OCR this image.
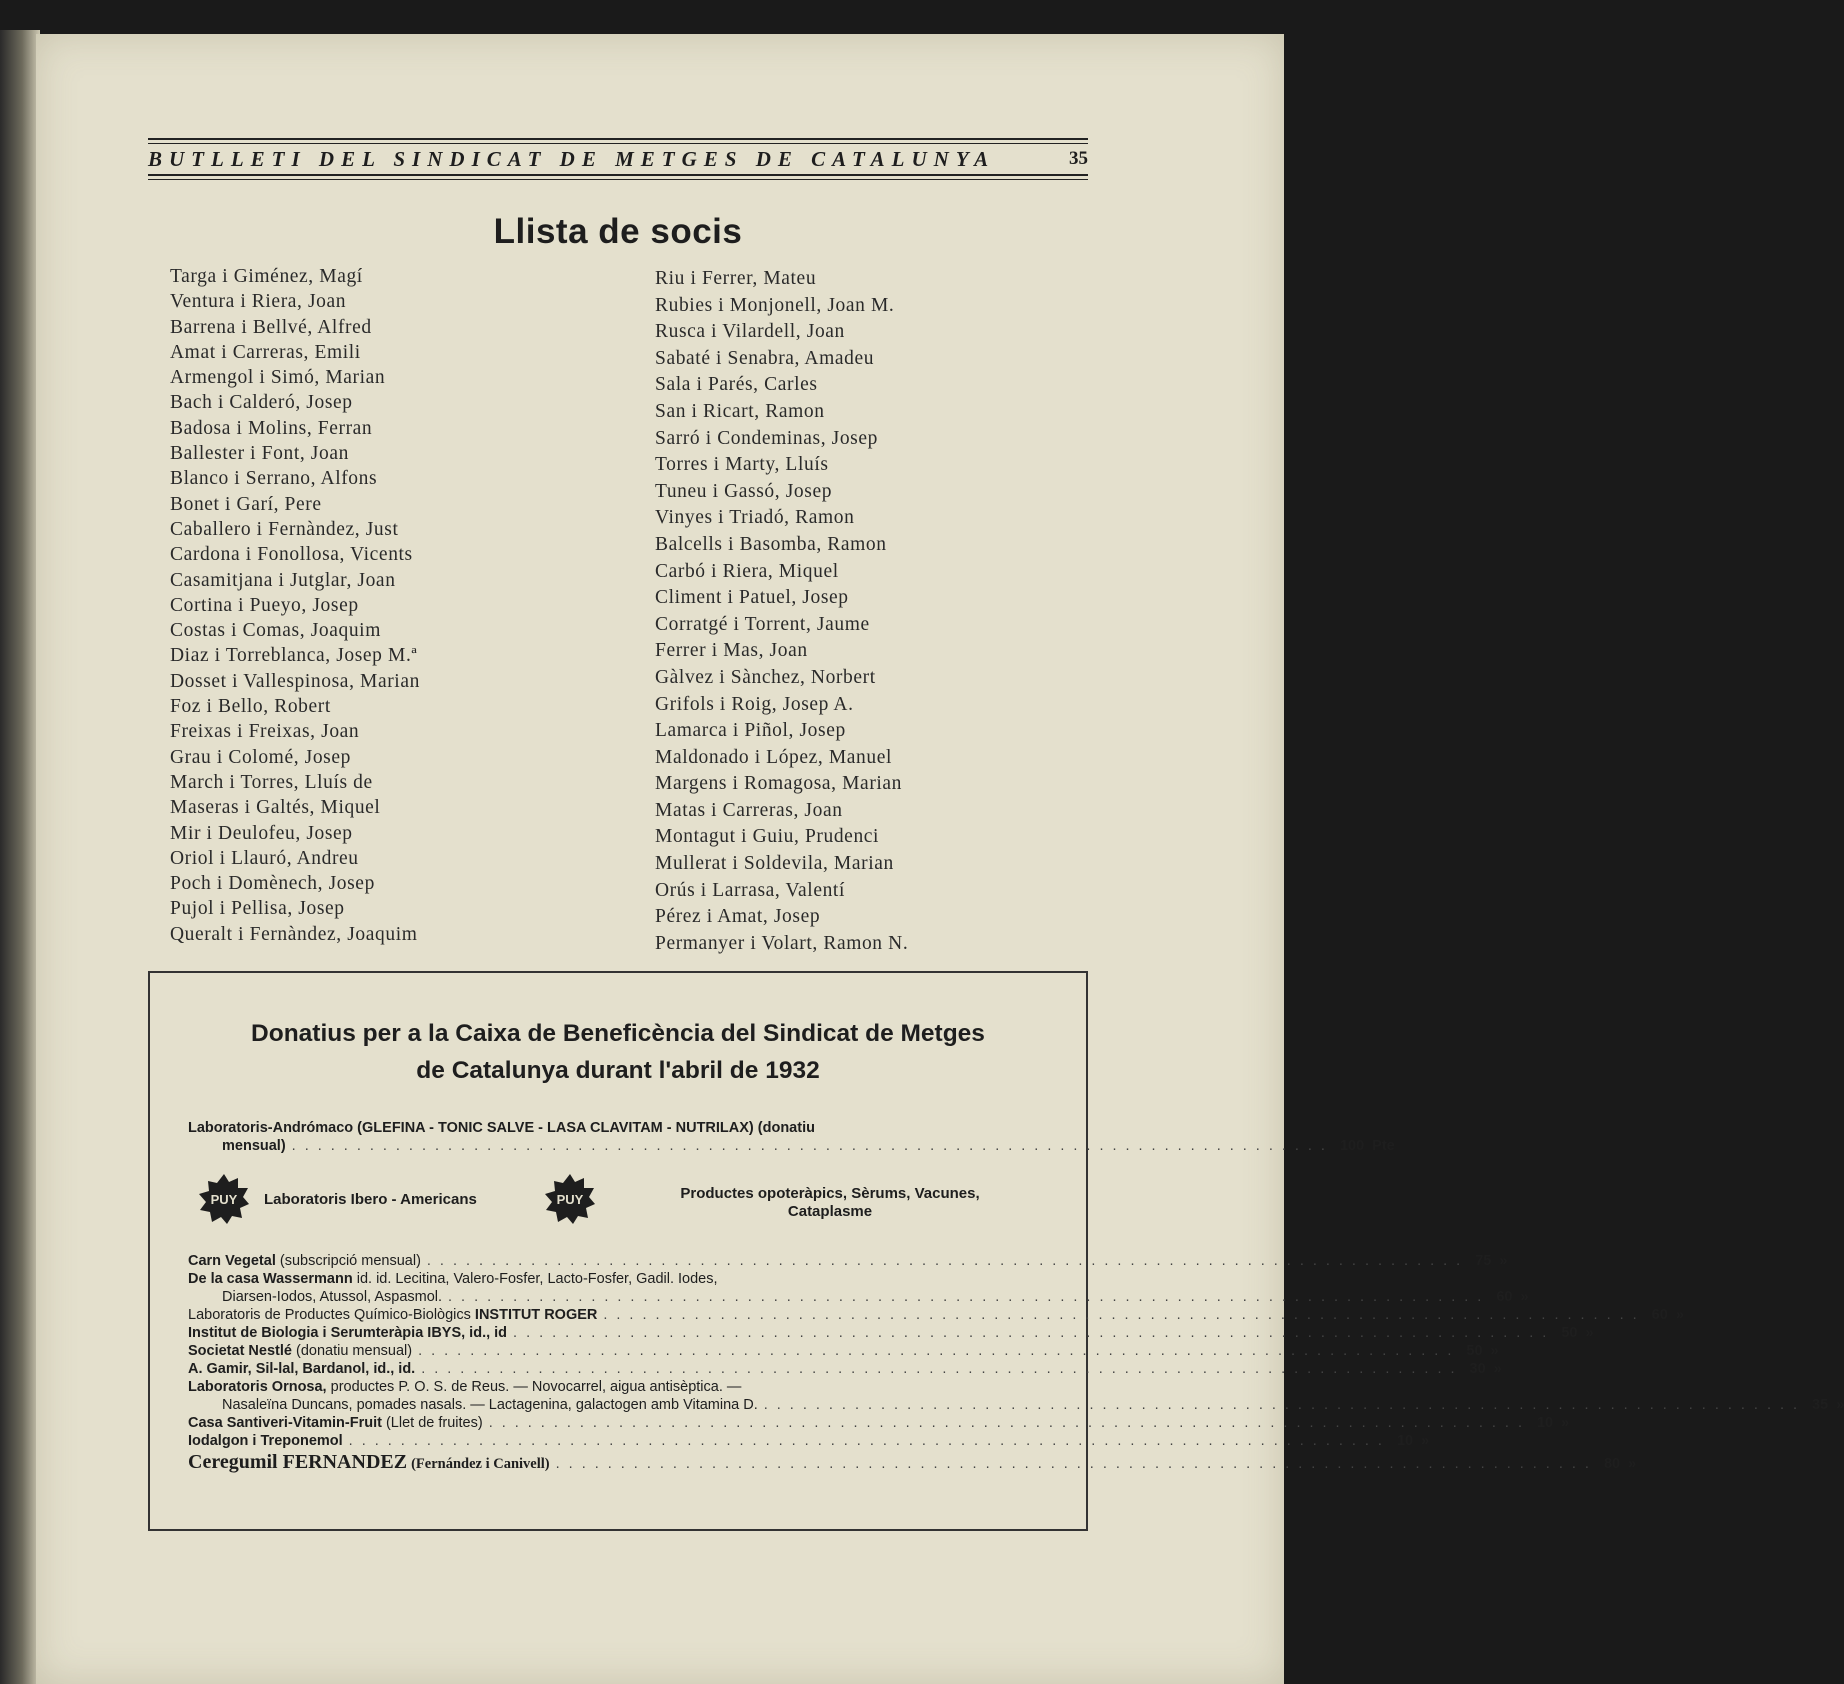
BUTLLETI DEL SINDICAT DE METGES DE CATALUNYA	35
Llista de socis
Targa i Giménez, Magí
Ventura i Riera, Joan
Barrena i Bellvé, Alfred
Amat i Carreras, Emili
Armengol i Simó, Marian
Bach i Calderó, Josep
Badosa i Molins, Ferran
Ballester i Font, Joan
Blanco i Serrano, Alfons
Bonet i Garí, Pere
Caballero i Fernàndez, Just
Cardona i Fonollosa, Vicents
Casamitjana i Jutglar, Joan
Cortina i Pueyo, Josep
Costas i Comas, Joaquim
Diaz i Torreblanca, Josep M.ª
Dosset i Vallespinosa, Marian
Foz i Bello, Robert
Freixas i Freixas, Joan
Grau i Colomé, Josep
March i Torres, Lluís de
Maseras i Galtés, Miquel
Mir i Deulofeu, Josep
Oriol i Llauró, Andreu
Poch i Domènech, Josep
Pujol i Pellisa, Josep
Queralt i Fernàndez, Joaquim
Riu i Ferrer, Mateu
Rubies i Monjonell, Joan M.
Rusca i Vilardell, Joan
Sabaté i Senabra, Amadeu
Sala i Parés, Carles
San i Ricart, Ramon
Sarró i Condeminas, Josep
Torres i Marty, Lluís
Tuneu i Gassó, Josep
Vinyes i Triadó, Ramon
Balcells i Basomba, Ramon
Carbó i Riera, Miquel
Climent i Patuel, Josep
Corratgé i Torrent, Jaume
Ferrer i Mas, Joan
Gàlvez i Sànchez, Norbert
Grifols i Roig, Josep A.
Lamarca i Piñol, Josep
Maldonado i López, Manuel
Margens i Romagosa, Marian
Matas i Carreras, Joan
Montagut i Guiu, Prudenci
Mullerat i Soldevila, Marian
Orús i Larrasa, Valentí
Pérez i Amat, Josep
Permanyer i Volart, Ramon N.
Donatius per a la Caixa de Beneficència del Sindicat de Metges
de Catalunya durant l'abril de 1932
Laboratoris-Andrómaco (GLEFINA - TONIC SALVE - LASA CLAVITAM - NUTRILAX) (donatiu
mensual) ................................................................................ 100 Pte
PUY Laboratoris Ibero - Americans	PUY	Productes opoteràpics, Sèrums, Vacunes,
Cataplasme
Carn Vegetal
(subscripció mensual) ................................................................................ 75 »
De la casa Wassermann
id. id. Lecitina, Valero-Fosfer, Lacto-Fosfer, Gadil. Iodes,
Diarsen-Iodos, Atussol, Aspasmol. ................................................................................ 60 »
Laboratoris de Productes Químico-Biològics
INSTITUT ROGER ................................................................................ 60 »
Institut de Biologia i Serumteràpia IBYS, id., id ................................................................................ 50 »
Societat Nestlé
(donatiu mensual) ................................................................................ 50 »
A. Gamir, Sil-lal, Bardanol, id., id. ................................................................................ 30 »
Laboratoris Ornosa,
productes P. O. S. de Reus. — Novocarrel, aigua antisèptica. —
Nasaleïna Duncans, pomades nasals. — Lactagenina, galactogen amb Vitamina D. ................................................................................ 35 »
Casa Santiveri-Vitamin-Fruit
(Llet de fruites) ................................................................................ 10 »
Iodalgon i Treponemol ................................................................................ 10 »
Ceregumil FERNANDEZ
(Fernández i Canivell) ................................................................................ 80 »
